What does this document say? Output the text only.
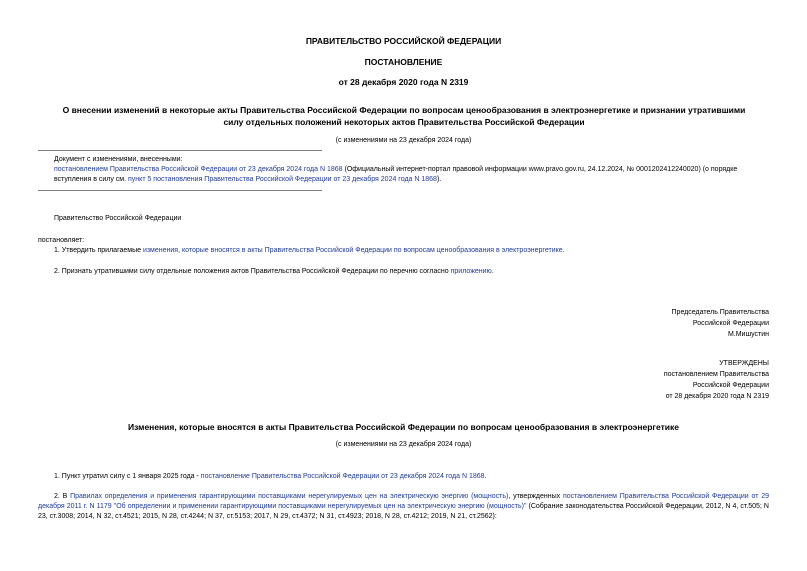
ПРАВИТЕЛЬСТВО РОССИЙСКОЙ ФЕДЕРАЦИИ
ПОСТАНОВЛЕНИЕ
от 28 декабря 2020 года N 2319
О внесении изменений в некоторые акты Правительства Российской Федерации по вопросам ценообразования в электроэнергетике и признании утратившими силу отдельных положений некоторых актов Правительства Российской Федерации
(с изменениями на 23 декабря 2024 года)
Документ с изменениями, внесенными:
постановлением Правительства Российской Федерации от 23 декабря 2024 года N 1868 (Официальный интернет-портал правовой информации www.pravo.gov.ru, 24.12.2024, № 0001202412240020) (о порядке вступления в силу см. пункт 5 постановления Правительства Российской Федерации от 23 декабря 2024 года N 1868).
Правительство Российской Федерации
постановляет:
1. Утвердить прилагаемые изменения, которые вносятся в акты Правительства Российской Федерации по вопросам ценообразования в электроэнергетике.
2. Признать утратившими силу отдельные положения актов Правительства Российской Федерации по перечню согласно приложению.
Председатель Правительства
Российской Федерации
М.Мишустин
УТВЕРЖДЕНЫ
постановлением Правительства
Российской Федерации
от 28 декабря 2020 года N 2319
Изменения, которые вносятся в акты Правительства Российской Федерации по вопросам ценообразования в электроэнергетике
(с изменениями на 23 декабря 2024 года)
1. Пункт утратил силу с 1 января 2025 года - постановление Правительства Российской Федерации от 23 декабря 2024 года N 1868.
2. В Правилах определения и применения гарантирующими поставщиками нерегулируемых цен на электрическую энергию (мощность), утвержденных постановлением Правительства Российской Федерации от 29 декабря 2011 г. N 1179 "Об определении и применении гарантирующими поставщиками нерегулируемых цен на электрическую энергию (мощность)" (Собрание законодательства Российской Федерации, 2012, N 4, ст.505; N 23, ст.3008; 2014, N 32, ст.4521; 2015, N 28, ст.4244; N 37, ст.5153; 2017, N 29, ст.4372; N 31, ст.4923; 2018, N 28, ст.4212; 2019, N 21, ст.2562):
